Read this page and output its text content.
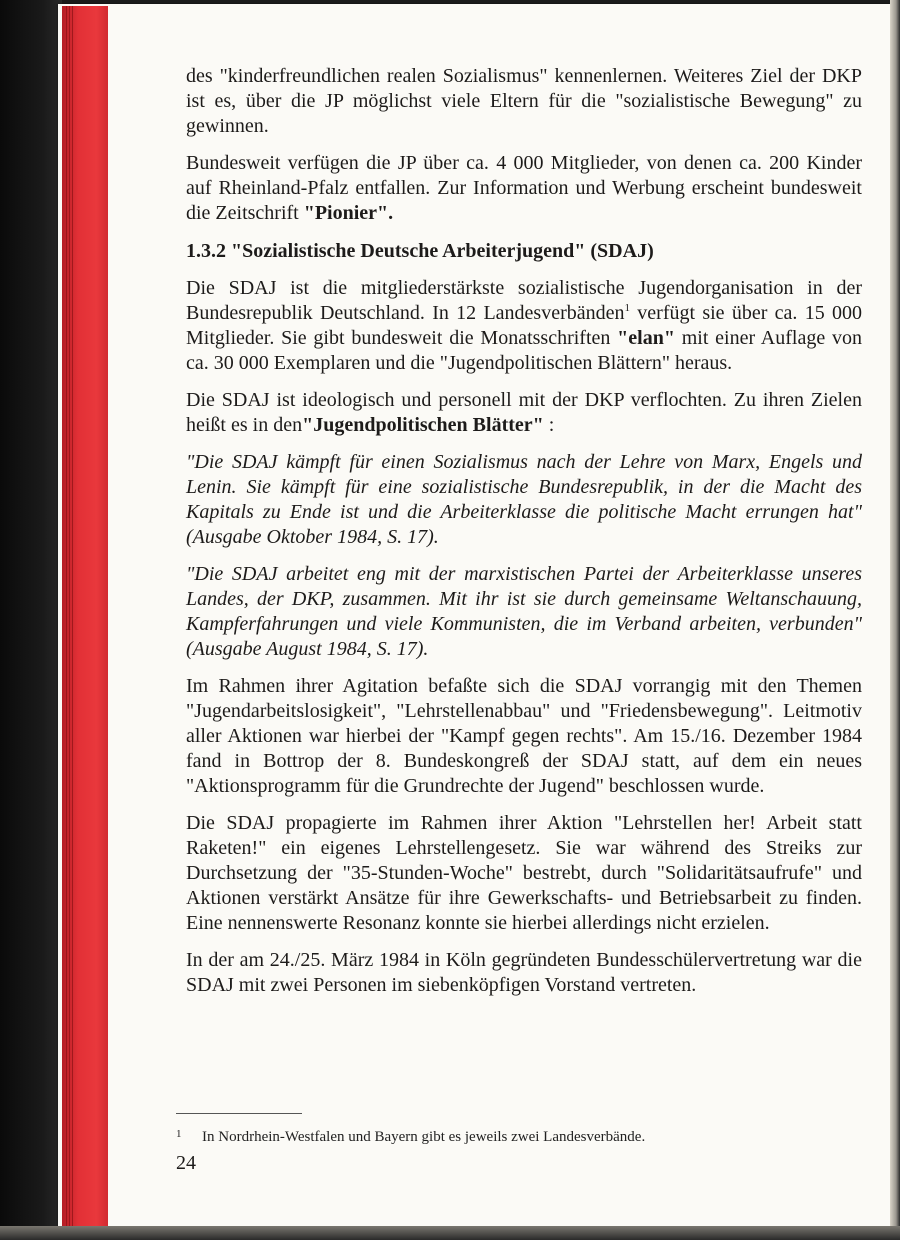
des "kinderfreundlichen realen Sozialismus" kennenlernen. Weiteres Ziel der DKP ist es, über die JP möglichst viele Eltern für die "sozialistische Bewegung" zu gewinnen.

Bundesweit verfügen die JP über ca. 4 000 Mitglieder, von denen ca. 200 Kinder auf Rheinland-Pfalz entfallen. Zur Information und Werbung erscheint bundesweit die Zeitschrift "Pionier".

1.3.2 "Sozialistische Deutsche Arbeiterjugend" (SDAJ)

Die SDAJ ist die mitgliederstärkste sozialistische Jugendorganisation in der Bundesrepublik Deutschland. In 12 Landesverbänden$^1$ verfügt sie über ca. 15 000 Mitglieder. Sie gibt bundesweit die Monatsschriften "elan" mit einer Auflage von ca. 30 000 Exemplaren und die "Jugendpolitischen Blättern" heraus.

Die SDAJ ist ideologisch und personell mit der DKP verflochten. Zu ihren Zielen heißt es in den"Jugendpolitischen Blätter" :

"Die SDAJ kämpft für einen Sozialismus nach der Lehre von Marx, Engels und Lenin. Sie kämpft für eine sozialistische Bundesrepublik, in der die Macht des Kapitals zu Ende ist und die Arbeiterklasse die politische Macht errungen hat" (Ausgabe Oktober 1984, S. 17).

"Die SDAJ arbeitet eng mit der marxistischen Partei der Arbeiterklasse unseres Landes, der DKP, zusammen. Mit ihr ist sie durch gemeinsame Weltanschauung, Kampferfahrungen und viele Kommunisten, die im Verband arbeiten, verbunden" (Ausgabe August 1984, S. 17).

Im Rahmen ihrer Agitation befaßte sich die SDAJ vorrangig mit den Themen "Jugendarbeitslosigkeit", "Lehrstellenabbau" und "Friedensbewegung". Leitmotiv aller Aktionen war hierbei der "Kampf gegen rechts". Am 15./16. Dezember 1984 fand in Bottrop der 8. Bundeskongreß der SDAJ statt, auf dem ein neues "Aktionsprogramm für die Grundrechte der Jugend" beschlossen wurde.

Die SDAJ propagierte im Rahmen ihrer Aktion "Lehrstellen her! Arbeit statt Raketen!" ein eigenes Lehrstellengesetz. Sie war während des Streiks zur Durchsetzung der "35-Stunden-Woche" bestrebt, durch "Solidaritätsaufrufe" und Aktionen verstärkt Ansätze für ihre Gewerkschafts- und Betriebsarbeit zu finden. Eine nennenswerte Resonanz konnte sie hierbei allerdings nicht erzielen.

In der am 24./25. März 1984 in Köln gegründeten Bundesschülervertretung war die SDAJ mit zwei Personen im siebenköpfigen Vorstand vertreten.

1 In Nordrhein-Westfalen und Bayern gibt es jeweils zwei Landesverbände.
24
